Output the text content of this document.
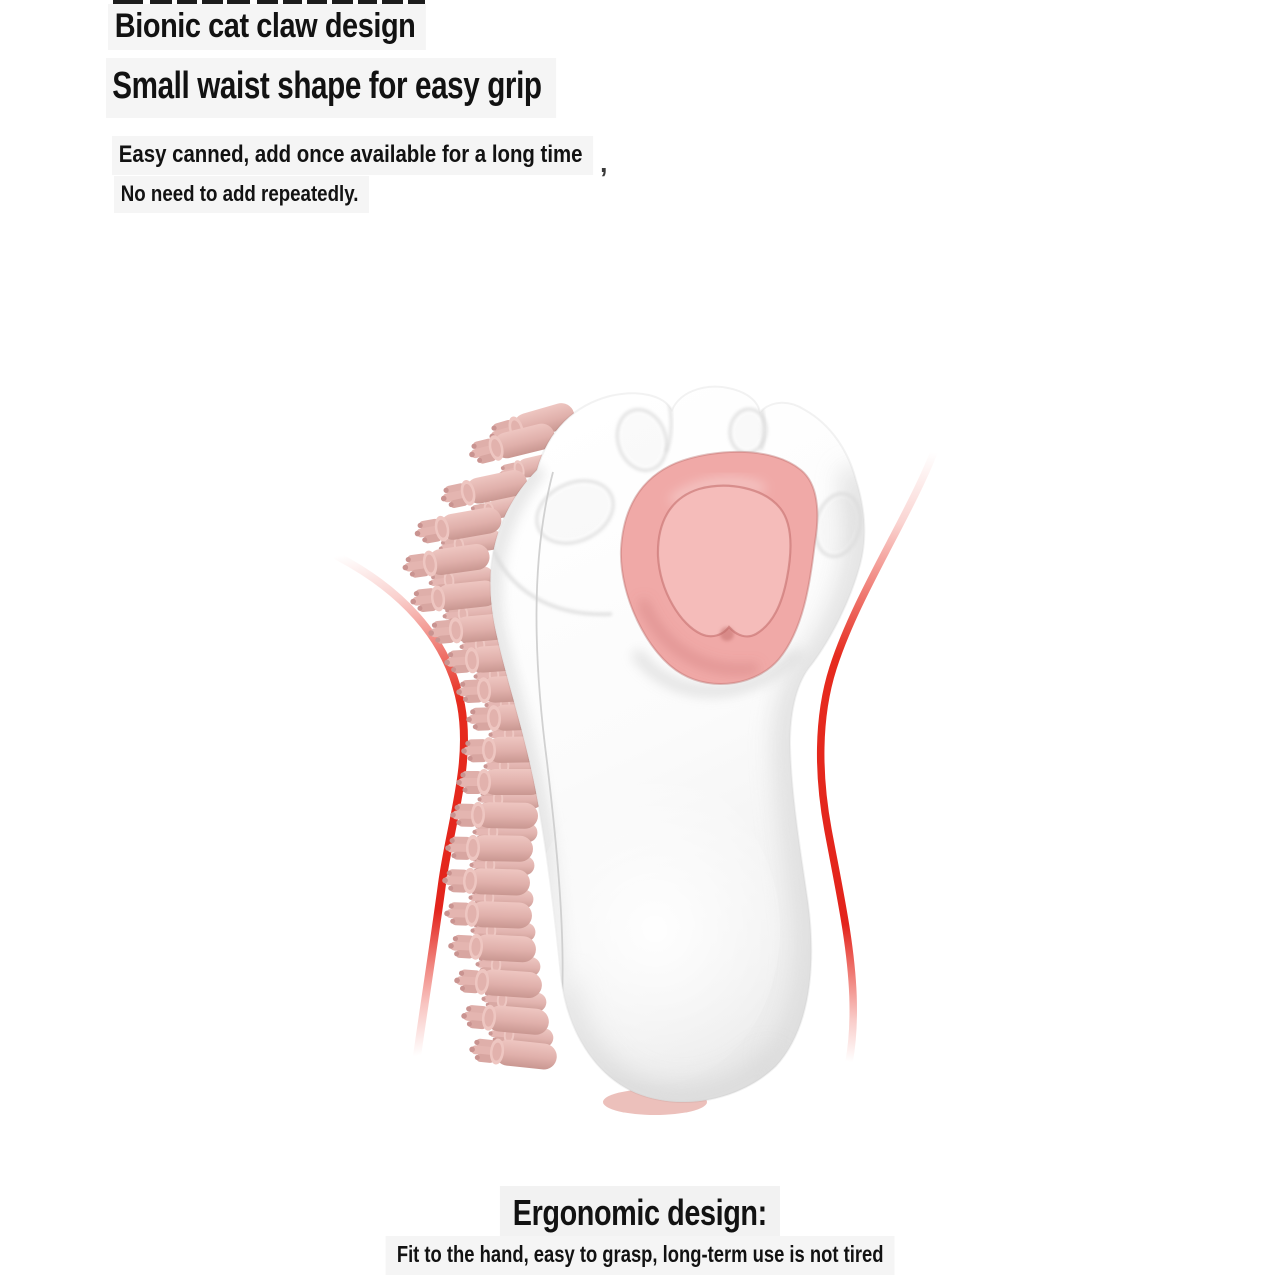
Bionic cat claw design
Small waist shape for easy grip
Easy canned, add once available for a long time ,
No need to add repeatedly.
Ergonomic design:
Fit to the hand, easy to grasp, long-term use is not tired
